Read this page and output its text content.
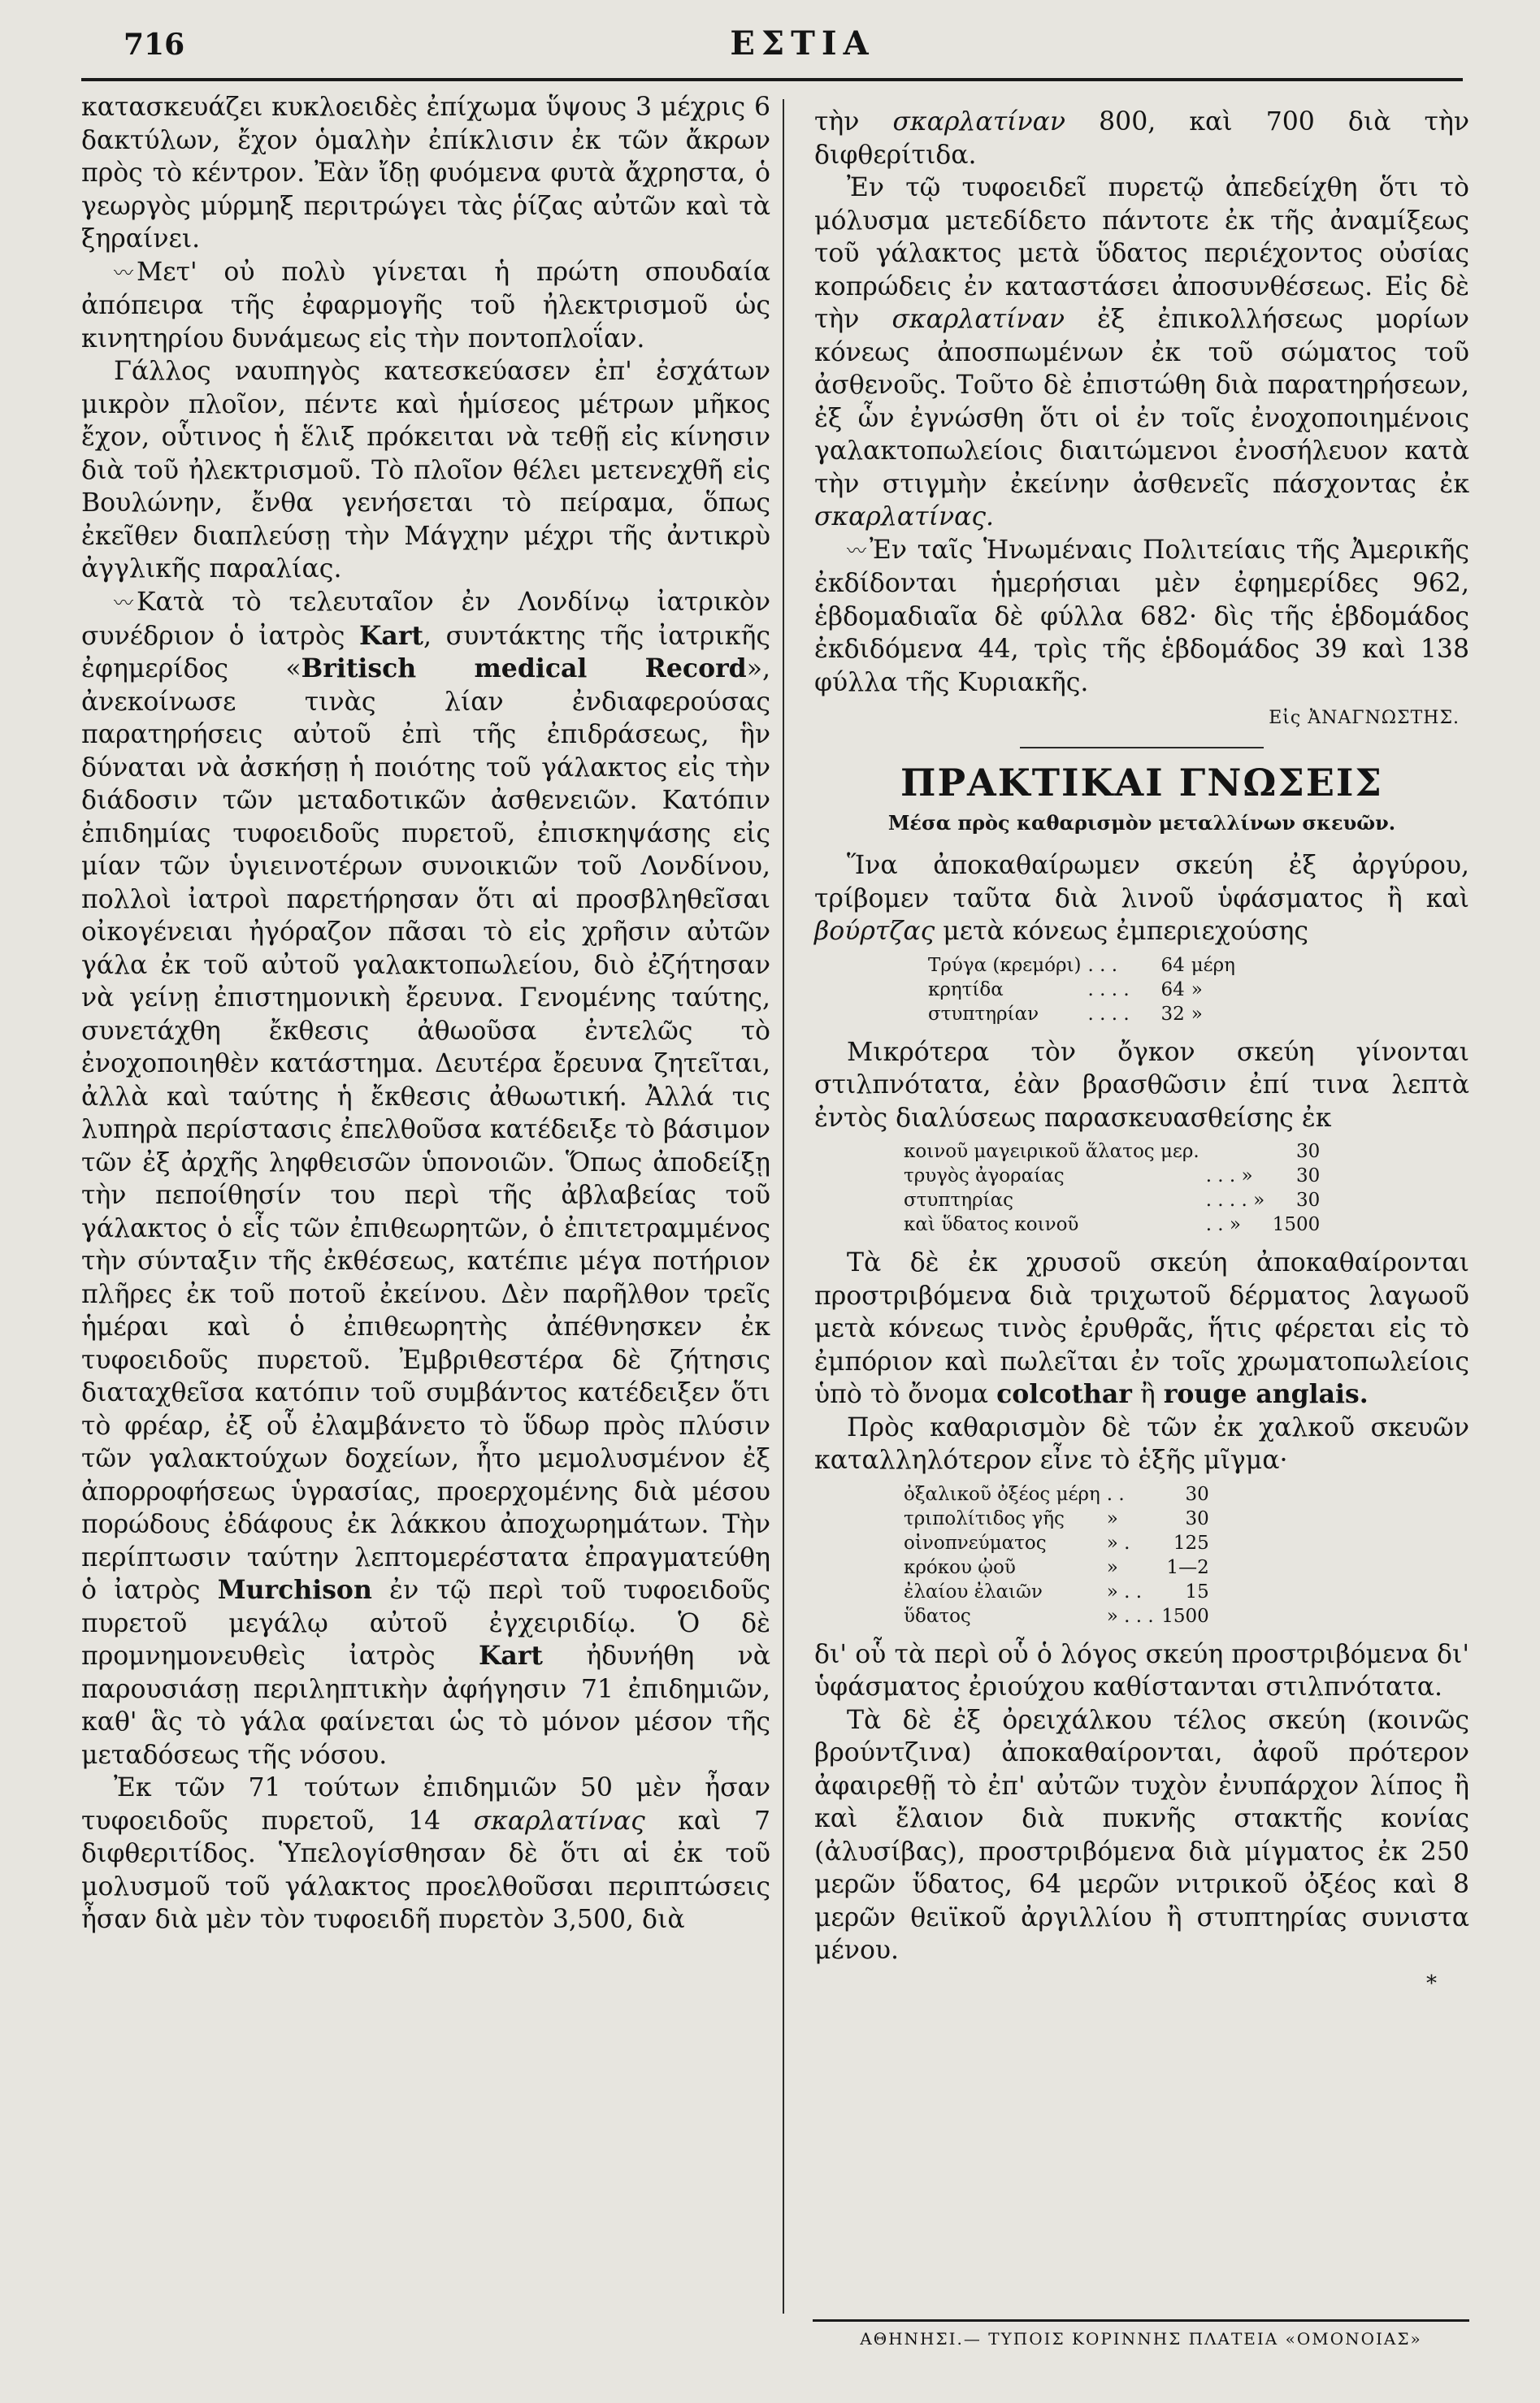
716	ΕΣΤΙΑ

κατασκευάζει κυκλοειδὲς ἐπίχωμα ὕψους 3 μέχρις 6 δακτύλων, ἔχον ὁμαλὴν ἐπίκλισιν ἐκ τῶν ἄκρων πρὸς τὸ κέντρον. Ἐὰν ἴδῃ φυόμενα φυτὰ ἄχρηστα, ὁ γεωργὸς μύρμηξ περιτρώγει τὰς ῥίζας αὐτῶν καὶ τὰ ξηραίνει.

〰 Μετ' οὐ πολὺ γίνεται ἡ πρώτη σπουδαία ἀπόπειρα τῆς ἐφαρμογῆς τοῦ ἠλεκτρισμοῦ ὡς κινητηρίου δυνάμεως εἰς τὴν ποντοπλοΐαν.

Γάλλος ναυπηγὸς κατεσκεύασεν ἐπ' ἐσχάτων μικρὸν πλοῖον, πέντε καὶ ἡμίσεος μέτρων μῆκος ἔχον, οὗτινος ἡ ἕλιξ πρόκειται νὰ τεθῇ εἰς κίνησιν διὰ τοῦ ἠλεκτρισμοῦ. Τὸ πλοῖον θέλει μετενεχθῆ εἰς Βουλώνην, ἔνθα γενήσεται τὸ πείραμα, ὅπως ἐκεῖθεν διαπλεύσῃ τὴν Μάγχην μέχρι τῆς ἀντικρὺ ἀγγλικῆς παραλίας.

〰 Κατὰ τὸ τελευταῖον ἐν Λονδίνῳ ἰατρικὸν συνέδριον ὁ ἰατρὸς Kart, συντάκτης τῆς ἰατρικῆς ἐφημερίδος «Britisch medical Record», ἀνεκοίνωσε τινὰς λίαν ἐνδιαφερούσας παρατηρήσεις αὐτοῦ ἐπὶ τῆς ἐπιδράσεως, ἣν δύναται νὰ ἀσκήσῃ ἡ ποιότης τοῦ γάλακτος εἰς τὴν διάδοσιν τῶν μεταδοτικῶν ἀσθενειῶν. Κατόπιν ἐπιδημίας τυφοειδοῦς πυρετοῦ, ἐπισκηψάσης εἰς μίαν τῶν ὑγιεινοτέρων συνοικιῶν τοῦ Λονδίνου, πολλοὶ ἰατροὶ παρετήρησαν ὅτι αἱ προσβληθεῖσαι οἰκογένειαι ἠγόραζον πᾶσαι τὸ εἰς χρῆσιν αὐτῶν γάλα ἐκ τοῦ αὐτοῦ γαλακτοπωλείου, διὸ ἐζήτησαν νὰ γείνῃ ἐπιστημονικὴ ἔρευνα. Γενομένης ταύτης, συνετάχθη ἔκθεσις ἀθωοῦσα ἐντελῶς τὸ ἐνοχοποιηθὲν κατάστημα. Δευτέρα ἔρευνα ζητεῖται, ἀλλὰ καὶ ταύτης ἡ ἔκθεσις ἀθωωτική. Ἀλλά τις λυπηρὰ περίστασις ἐπελθοῦσα κατέδειξε τὸ βάσιμον τῶν ἐξ ἀρχῆς ληφθεισῶν ὑπονοιῶν. Ὅπως ἀποδείξῃ τὴν πεποίθησίν του περὶ τῆς ἀβλαβείας τοῦ γάλακτος ὁ εἷς τῶν ἐπιθεωρητῶν, ὁ ἐπιτετραμμένος τὴν σύνταξιν τῆς ἐκθέσεως, κατέπιε μέγα ποτήριον πλῆρες ἐκ τοῦ ποτοῦ ἐκείνου. Δὲν παρῆλθον τρεῖς ἡμέραι καὶ ὁ ἐπιθεωρητὴς ἀπέθνησκεν ἐκ τυφοειδοῦς πυρετοῦ. Ἐμβριθεστέρα δὲ ζήτησις διαταχθεῖσα κατόπιν τοῦ συμβάντος κατέδειξεν ὅτι τὸ φρέαρ, ἐξ οὗ ἐλαμβάνετο τὸ ὕδωρ πρὸς πλύσιν τῶν γαλακτούχων δοχείων, ἦτο μεμολυσμένον ἐξ ἀπορροφήσεως ὑγρασίας, προερχομένης διὰ μέσου πορώδους ἐδάφους ἐκ λάκκου ἀποχωρημάτων. Τὴν περίπτωσιν ταύτην λεπτομερέστατα ἐπραγματεύθη ὁ ἰατρὸς Murchison ἐν τῷ περὶ τοῦ τυφοειδοῦς πυρετοῦ μεγάλῳ αὐτοῦ ἐγχειριδίῳ. Ὁ δὲ προμνημονευθεὶς ἰατρὸς Kart ἠδυνήθη νὰ παρουσιάσῃ περιληπτικὴν ἀφήγησιν 71 ἐπιδημιῶν, καθ' ἃς τὸ γάλα φαίνεται ὡς τὸ μόνον μέσον τῆς μεταδόσεως τῆς νόσου.

Ἐκ τῶν 71 τούτων ἐπιδημιῶν 50 μὲν ἦσαν τυφοειδοῦς πυρετοῦ, 14 σκαρλατίνας καὶ 7 διφθεριτίδος. Ὑπελογίσθησαν δὲ ὅτι αἱ ἐκ τοῦ μολυσμοῦ τοῦ γάλακτος προελθοῦσαι περιπτώσεις ἦσαν διὰ μὲν τὸν τυφοειδῆ πυρετὸν 3,500, διὰ

τὴν σκαρλατίναν 800, καὶ 700 διὰ τὴν διφθερίτιδα.

Ἐν τῷ τυφοειδεῖ πυρετῷ ἀπεδείχθη ὅτι τὸ μόλυσμα μετεδίδετο πάντοτε ἐκ τῆς ἀναμίξεως τοῦ γάλακτος μετὰ ὕδατος περιέχοντος οὐσίας κοπρώδεις ἐν καταστάσει ἀποσυνθέσεως. Εἰς δὲ τὴν σκαρλατίναν ἐξ ἐπικολλήσεως μορίων κόνεως ἀποσπωμένων ἐκ τοῦ σώματος τοῦ ἀσθενοῦς. Τοῦτο δὲ ἐπιστώθη διὰ παρατηρήσεων, ἐξ ὧν ἐγνώσθη ὅτι οἱ ἐν τοῖς ἐνοχοποιημένοις γαλακτοπωλείοις διαιτώμενοι ἐνοσήλευον κατὰ τὴν στιγμὴν ἐκείνην ἀσθενεῖς πάσχοντας ἐκ σκαρλατίνας.

〰 Ἐν ταῖς Ἡνωμέναις Πολιτείαις τῆς Ἀμερικῆς ἐκδίδονται ἡμερήσιαι μὲν ἐφημερίδες 962, ἑβδομαδιαῖα δὲ φύλλα 682· δὶς τῆς ἑβδομάδος ἐκδιδόμενα 44, τρὶς τῆς ἑβδομάδος 39 καὶ 138 φύλλα τῆς Κυριακῆς.

Εἰς ἈΝΑΓΝΩΣΤΗΣ.
ΠΡΑΚΤΙΚΑΙ ΓΝΩΣΕΙΣ
Μέσα πρὸς καθαρισμὸν μεταλλίνων σκευῶν.

Ἵνα ἀποκαθαίρωμεν σκεύη ἐξ ἀργύρου, τρίβομεν ταῦτα διὰ λινοῦ ὑφάσματος ἢ καὶ βούρτζας μετὰ κόνεως ἐμπεριεχούσης

Τρύγα (κρεμόρι)	. . .	64	μέρη
κρητίδα	. . . .	64	»
στυπτηρίαν	. . . .	32	»

Μικρότερα τὸν ὄγκον σκεύη γίνονται στιλπνότατα, ἐὰν βρασθῶσιν ἐπί τινα λεπτὰ ἐντὸς διαλύσεως παρασκευασθείσης ἐκ

κοινοῦ μαγειρικοῦ ἅλατος μερ.		30
τρυγὸς ἀγοραίας	. . . »	30
στυπτηρίας	. . . . »	30
καὶ ὕδατος κοινοῦ	. . »	1500

Τὰ δὲ ἐκ χρυσοῦ σκεύη ἀποκαθαίρονται προστριβόμενα διὰ τριχωτοῦ δέρματος λαγωοῦ μετὰ κόνεως τινὸς ἐρυθρᾶς, ἥτις φέρεται εἰς τὸ ἐμπόριον καὶ πωλεῖται ἐν τοῖς χρωματοπωλείοις ὑπὸ τὸ ὄνομα colcothar ἢ rouge anglais.

Πρὸς καθαρισμὸν δὲ τῶν ἐκ χαλκοῦ σκευῶν καταλληλότερον εἶνε τὸ ἑξῆς μῖγμα·

ὀξαλικοῦ ὀξέος μέρη	. .	30
τριπολίτιδος γῆς	»	30
οἰνοπνεύματος	» .	125
κρόκου ᾠοῦ	»	1—2
ἐλαίου ἐλαιῶν	» . .	15
ὕδατος	» . . .	1500

δι' οὗ τὰ περὶ οὗ ὁ λόγος σκεύη προστριβόμενα δι' ὑφάσματος ἐριούχου καθίστανται στιλπνότατα.

Τὰ δὲ ἐξ ὀρειχάλκου τέλος σκεύη (κοινῶς βρούντζινα) ἀποκαθαίρονται, ἀφοῦ πρότερον ἀφαιρεθῇ τὸ ἐπ' αὐτῶν τυχὸν ἐνυπάρχον λίπος ἢ καὶ ἔλαιον διὰ πυκνῆς στακτῆς κονίας (ἀλυσίβας), προστριβόμενα διὰ μίγματος ἐκ 250 μερῶν ὕδατος, 64 μερῶν νιτρικοῦ ὀξέος καὶ 8 μερῶν θειϊκοῦ ἀργιλλίου ἢ στυπτηρίας συνιστα μένου.

*
ΑΘΗΝΗΣΙ.— ΤΥΠΟΙΣ ΚΟΡΙΝΝΗΣ ΠΛΑΤΕΙΑ «ΟΜΟΝΟΙΑΣ»
